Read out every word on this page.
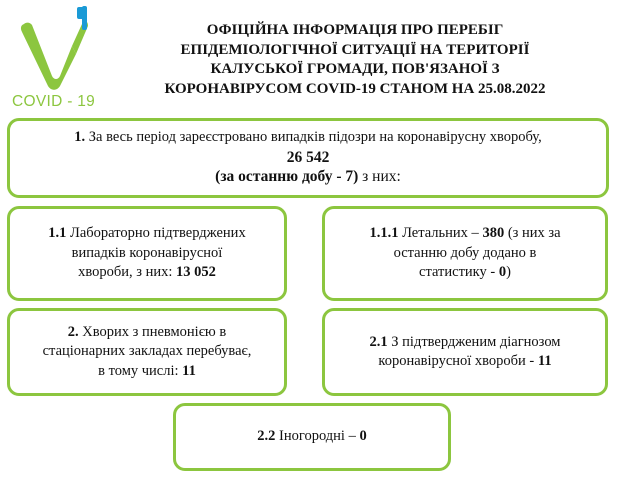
COVID - 19
ОФІЦІЙНА ІНФОРМАЦІЯ ПРО ПЕРЕБІГ
ЕПІДЕМІОЛОГІЧНОЇ СИТУАЦІЇ НА ТЕРИТОРІЇ
КАЛУСЬКОЇ ГРОМАДИ, ПОВ'ЯЗАНОЇ З
КОРОНАВІРУСОМ COVID-19 СТАНОМ НА 25.08.2022
1. За весь період зареєстровано випадків підозри на коронавірусну хворобу,
26 542
(за останню добу - 7) з них:
1.1 Лабораторно підтверджених
випадків коронавірусної
хвороби, з них: 13 052
1.1.1 Летальних – 380 (з них за
останню добу додано в
статистику - 0)
2. Хворих з пневмонією в
стаціонарних закладах перебуває,
в тому числі: 11
2.1 З підтвердженим діагнозом
коронавірусної хвороби - 11
2.2 Іногородні – 0
